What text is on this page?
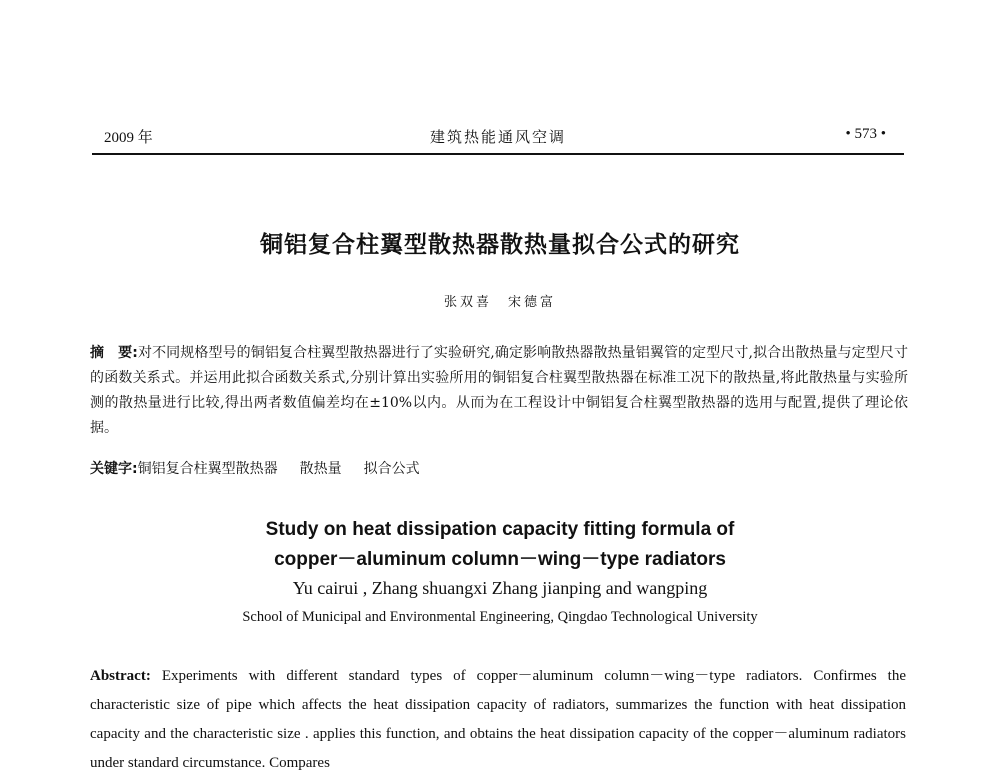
2009 年	建筑热能通风空调	• 573 •
铜铝复合柱翼型散热器散热量拟合公式的研究
张双喜　宋德富
摘　要:对不同规格型号的铜铝复合柱翼型散热器进行了实验研究,确定影响散热器散热量铝翼管的定型尺寸,拟合出散热量与定型尺寸的函数关系式。并运用此拟合函数关系式,分别计算出实验所用的铜铝复合柱翼型散热器在标准工况下的散热量,将此散热量与实验所测的散热量进行比较,得出两者数值偏差均在±10%以内。从而为在工程设计中铜铝复合柱翼型散热器的选用与配置,提供了理论依据。
关键字:铜铝复合柱翼型散热器 散热量 拟合公式
Study on heat dissipation capacity fitting formula of
copper－aluminum column－wing－type radiators
Yu cairui , Zhang shuangxi Zhang jianping and wangping
School of Municipal and Environmental Engineering, Qingdao Technological University
Abstract: Experiments with different standard types of copper－aluminum column－wing－type radiators. Confirmes the characteristic size of pipe which affects the heat dissipation capacity of radiators, summarizes the function with heat dissipation capacity and the characteristic size . applies this function, and obtains the heat dissipation capacity of the copper－aluminum radiators under standard circumstance. Compares
